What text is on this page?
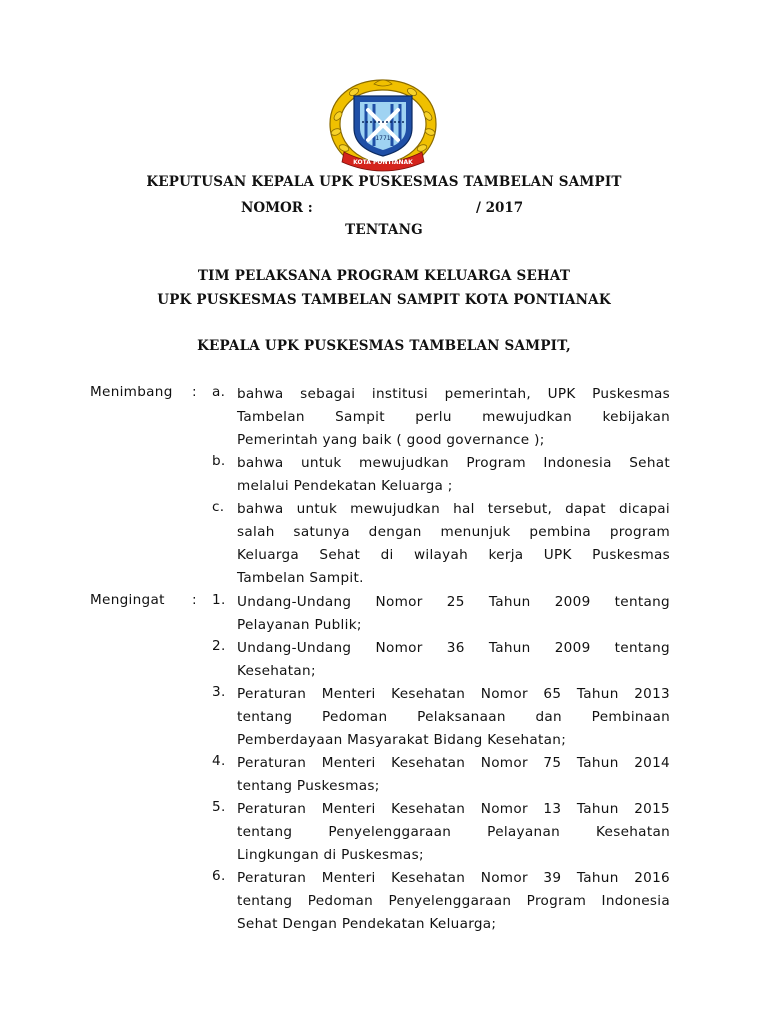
1771
KOTA PONTIANAK
KEPUTUSAN KEPALA UPK PUSKESMAS TAMBELAN SAMPIT
NOMOR :	/ 2017
TENTANG
TIM PELAKSANA PROGRAM KELUARGA SEHAT
UPK PUSKESMAS TAMBELAN SAMPIT KOTA PONTIANAK
KEPALA UPK PUSKESMAS TAMBELAN SAMPIT,
Menimbang : a. bahwa sebagai institusi pemerintah, UPK Puskesmas
Tambelan Sampit perlu mewujudkan kebijakan
Pemerintah yang baik ( good governance );
b. bahwa untuk mewujudkan Program Indonesia Sehat
melalui Pendekatan Keluarga ;
c. bahwa untuk mewujudkan hal tersebut, dapat dicapai
salah satunya dengan menunjuk pembina program
Keluarga Sehat di wilayah kerja UPK Puskesmas
Tambelan Sampit.
Mengingat : 1. Undang-Undang Nomor 25 Tahun 2009 tentang
Pelayanan Publik;
2. Undang-Undang Nomor 36 Tahun 2009 tentang
Kesehatan;
3. Peraturan Menteri Kesehatan Nomor 65 Tahun 2013
tentang Pedoman Pelaksanaan dan Pembinaan
Pemberdayaan Masyarakat Bidang Kesehatan;
4. Peraturan Menteri Kesehatan Nomor 75 Tahun 2014
tentang Puskesmas;
5. Peraturan Menteri Kesehatan Nomor 13 Tahun 2015
tentang Penyelenggaraan Pelayanan Kesehatan
Lingkungan di Puskesmas;
6. Peraturan Menteri Kesehatan Nomor 39 Tahun 2016
tentang Pedoman Penyelenggaraan Program Indonesia
Sehat Dengan Pendekatan Keluarga;
